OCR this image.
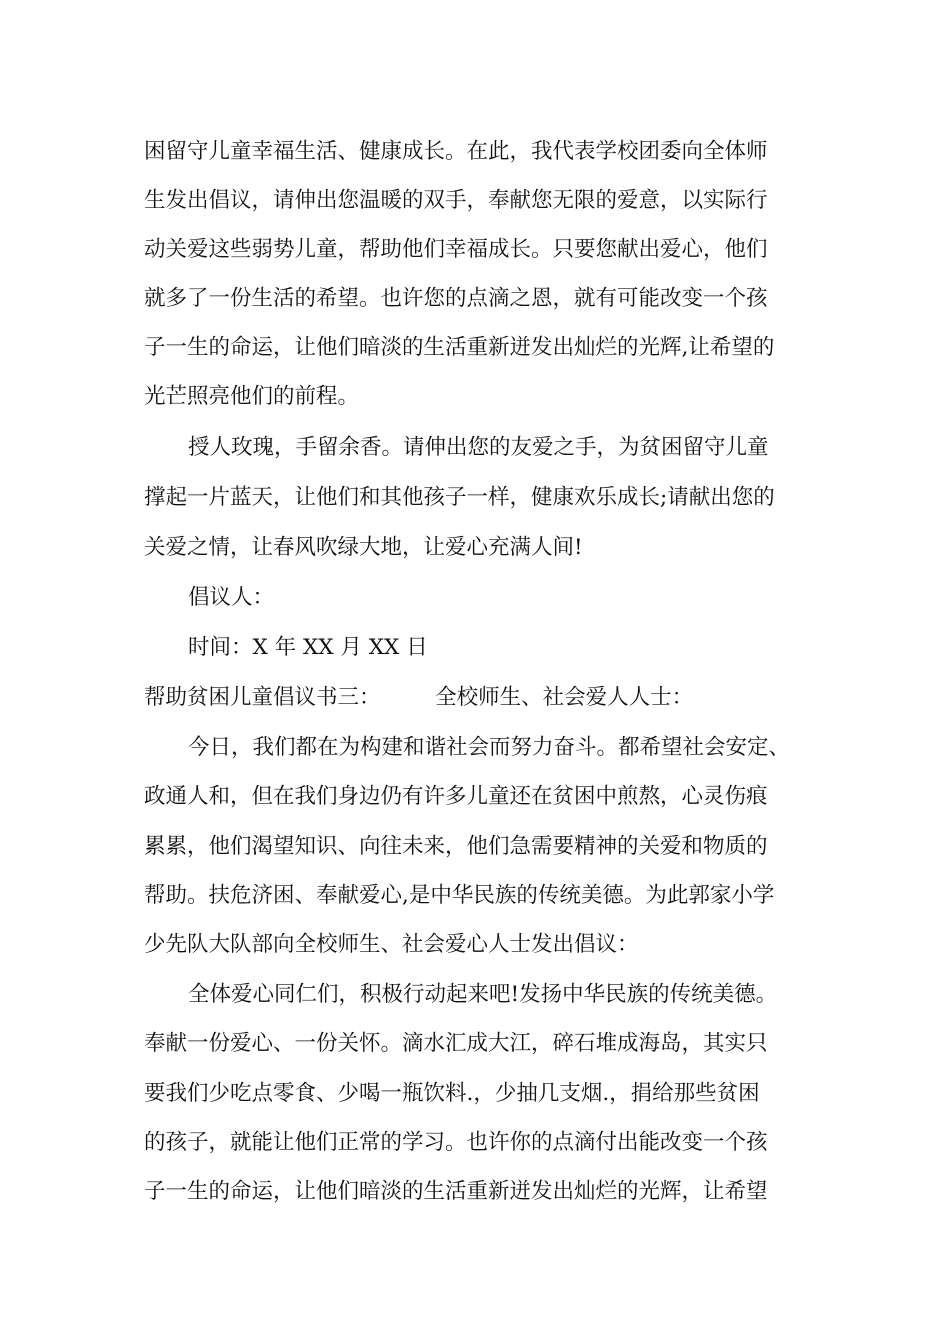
困留守儿童幸福生活、健康成长。在此，我代表学校团委向全体师
生发出倡议，请伸出您温暖的双手，奉献您无限的爱意，以实际行
动关爱这些弱势儿童，帮助他们幸福成长。只要您献出爱心，他们
就多了一份生活的希望。也许您的点滴之恩，就有可能改变一个孩
子一生的命运，让他们暗淡的生活重新迸发出灿烂的光辉,让希望的
光芒照亮他们的前程。
授人玫瑰，手留余香。请伸出您的友爱之手，为贫困留守儿童
撑起一片蓝天，让他们和其他孩子一样，健康欢乐成长;请献出您的
关爱之情，让春风吹绿大地，让爱心充满人间!
倡议人：
时间：X 年 XX 月 XX 日
帮助贫困儿童倡议书三：        全校师生、社会爱人人士：
今日，我们都在为构建和谐社会而努力奋斗。都希望社会安定、
政通人和，但在我们身边仍有许多儿童还在贫困中煎熬，心灵伤痕
累累，他们渴望知识、向往未来，他们急需要精神的关爱和物质的
帮助。扶危济困、奉献爱心,是中华民族的传统美德。为此郭家小学
少先队大队部向全校师生、社会爱心人士发出倡议：
全体爱心同仁们，积极行动起来吧!发扬中华民族的传统美德。
奉献一份爱心、一份关怀。滴水汇成大江，碎石堆成海岛，其实只
要我们少吃点零食、少喝一瓶饮料.，少抽几支烟.，捐给那些贫困
的孩子，就能让他们正常的学习。也许你的点滴付出能改变一个孩
子一生的命运，让他们暗淡的生活重新迸发出灿烂的光辉，让希望
